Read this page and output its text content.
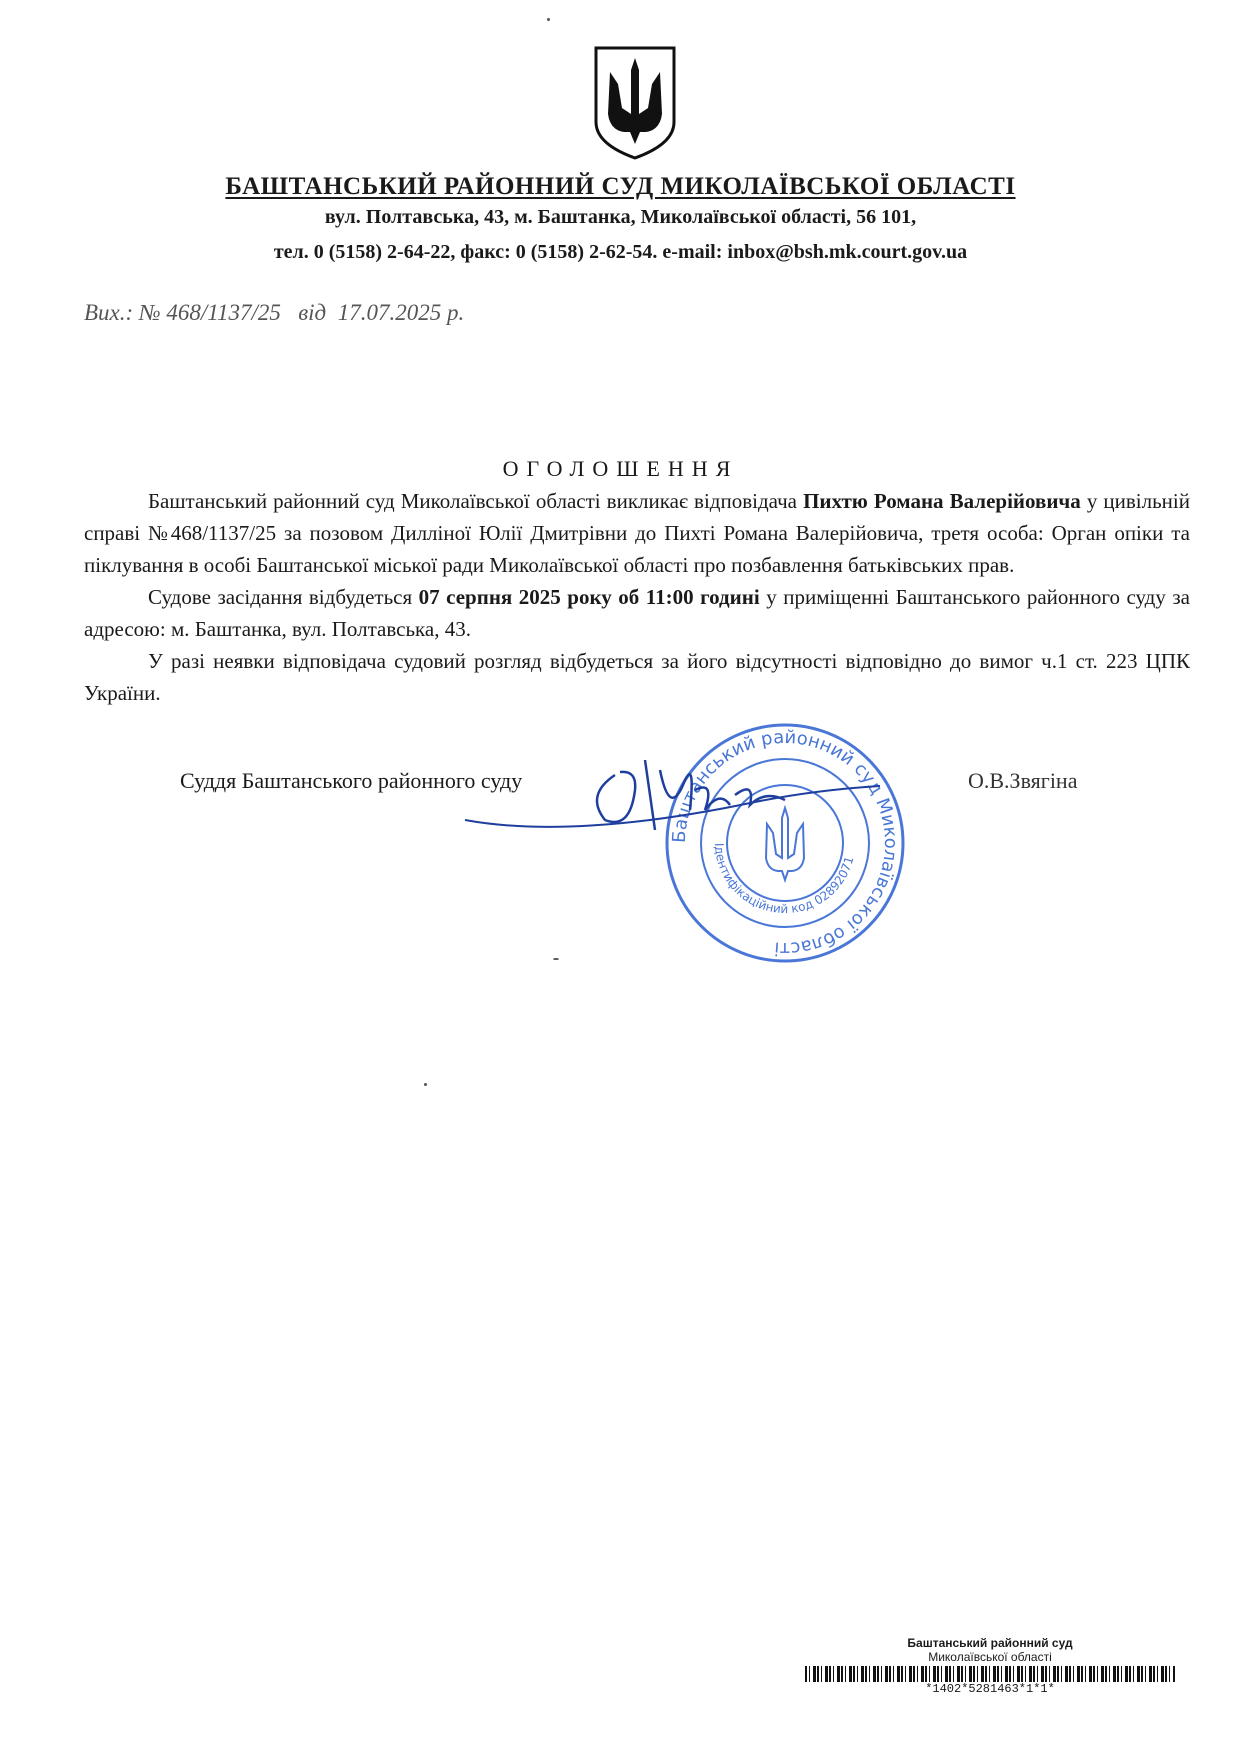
БАШТАНСЬКИЙ РАЙОННИЙ СУД МИКОЛАЇВСЬКОЇ ОБЛАСТІ
вул. Полтавська, 43, м. Баштанка, Миколаївської області, 56 101,
тел. 0 (5158) 2-64-22, факс: 0 (5158) 2-62-54. e-mail: inbox@bsh.mk.court.gov.ua
Вих.: № 468/1137/25 від 17.07.2025 р.
ОГОЛОШЕННЯ

Баштанський районний суд Миколаївської області викликає відповідача Пихтю Романа Валерійовича у цивільній справі №468/1137/25 за позовом Дилліної Юлії Дмитрівни до Пихті Романа Валерійовича, третя особа: Орган опіки та піклування в особі Баштанської міської ради Миколаївської області про позбавлення батьківських прав.

Судове засідання відбудеться 07 серпня 2025 року об 11:00 годині у приміщенні Баштанського районного суду за адресою: м. Баштанка, вул. Полтавська, 43.

У разі неявки відповідача судовий розгляд відбудеться за його відсутності відповідно до вимог ч.1 ст. 223 ЦПК України.

Суддя Баштанського районного суду	О.В.Звягіна
Баштанський районний суд Миколаївської області
Ідентифікаційний код 02892071
Баштанський районний суд
Миколаївської області
*1402*5281463*1*1*
